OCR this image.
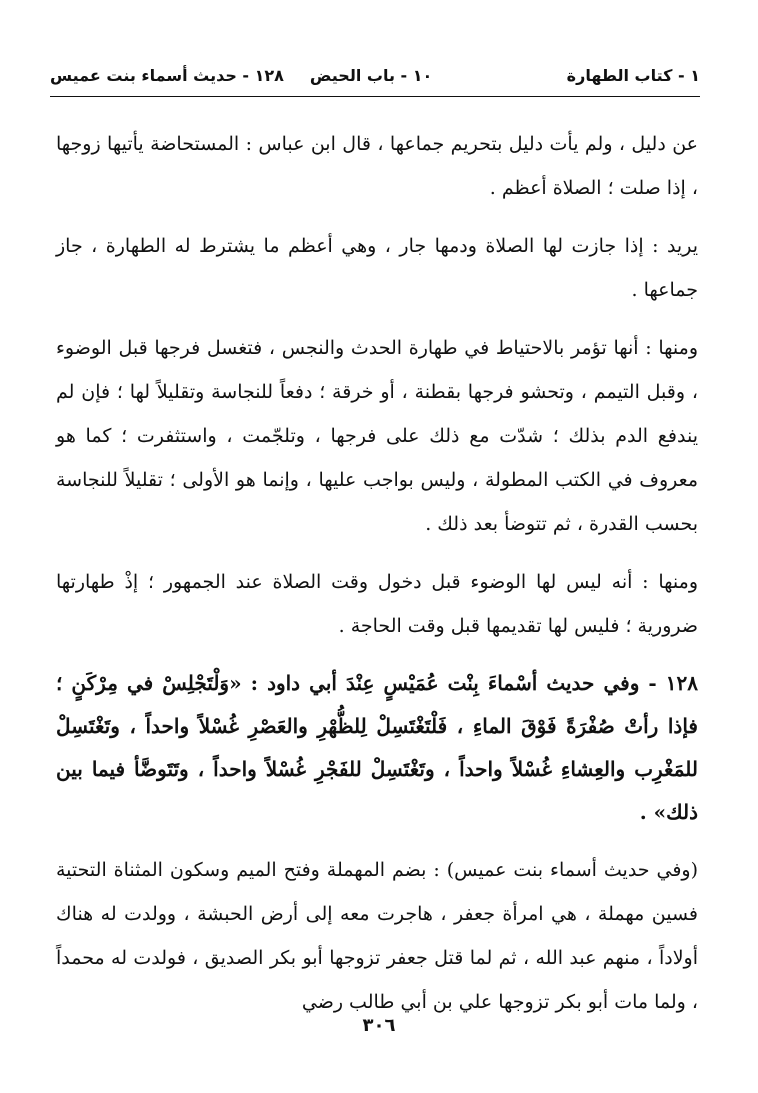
١ - كتاب الطهارة
١٠ - باب الحيض
١٢٨ - حديث أسماء بنت عميس

عن دليل ، ولم يأت دليل بتحريم جماعها ، قال ابن عباس : المستحاضة يأتيها زوجها ، إذا صلت ؛ الصلاة أعظم .

يريد : إذا جازت لها الصلاة ودمها جار ، وهي أعظم ما يشترط له الطهارة ، جاز جماعها .

ومنها : أنها تؤمر بالاحتياط في طهارة الحدث والنجس ، فتغسل فرجها قبل الوضوء ، وقبل التيمم ، وتحشو فرجها بقطنة ، أو خرقة ؛ دفعاً للنجاسة وتقليلاً لها ؛ فإن لم يندفع الدم بذلك ؛ شدّت مع ذلك على فرجها ، وتلجّمت ، واستثفرت ؛ كما هو معروف في الكتب المطولة ، وليس بواجب عليها ، وإنما هو الأولى ؛ تقليلاً للنجاسة بحسب القدرة ، ثم تتوضأ بعد ذلك .

ومنها : أنه ليس لها الوضوء قبل دخول وقت الصلاة عند الجمهور ؛ إذْ طهارتها ضرورية ؛ فليس لها تقديمها قبل وقت الحاجة .

١٢٨ - وفي حديث أسْماءَ بِنْت عُمَيْسٍ عِنْدَ أبي داود : «وَلْتَجْلِسْ في مِرْكَنٍ ؛ فإذا رأتْ صُفْرَةً فَوْقَ الماءِ ، فَلْتَغْتَسِلْ لِلظُّهْرِ والعَصْرِ غُسْلاً واحداً ، وتَغْتَسِلْ للمَغْرِب والعِشاءِ غُسْلاً واحداً ، وتَغْتَسِلْ للفَجْرِ غُسْلاً واحداً ، وتَتَوضَّأ فيما بين ذلك» .

(وفي حديث أسماء بنت عميس) : بضم المهملة وفتح الميم وسكون المثناة التحتية فسين مهملة ، هي امرأة جعفر ، هاجرت معه إلى أرض الحبشة ، وولدت له هناك أولاداً ، منهم عبد الله ، ثم لما قتل جعفر تزوجها أبو بكر الصديق ، فولدت له محمداً ، ولما مات أبو بكر تزوجها علي بن أبي طالب رضي

٣٠٦
